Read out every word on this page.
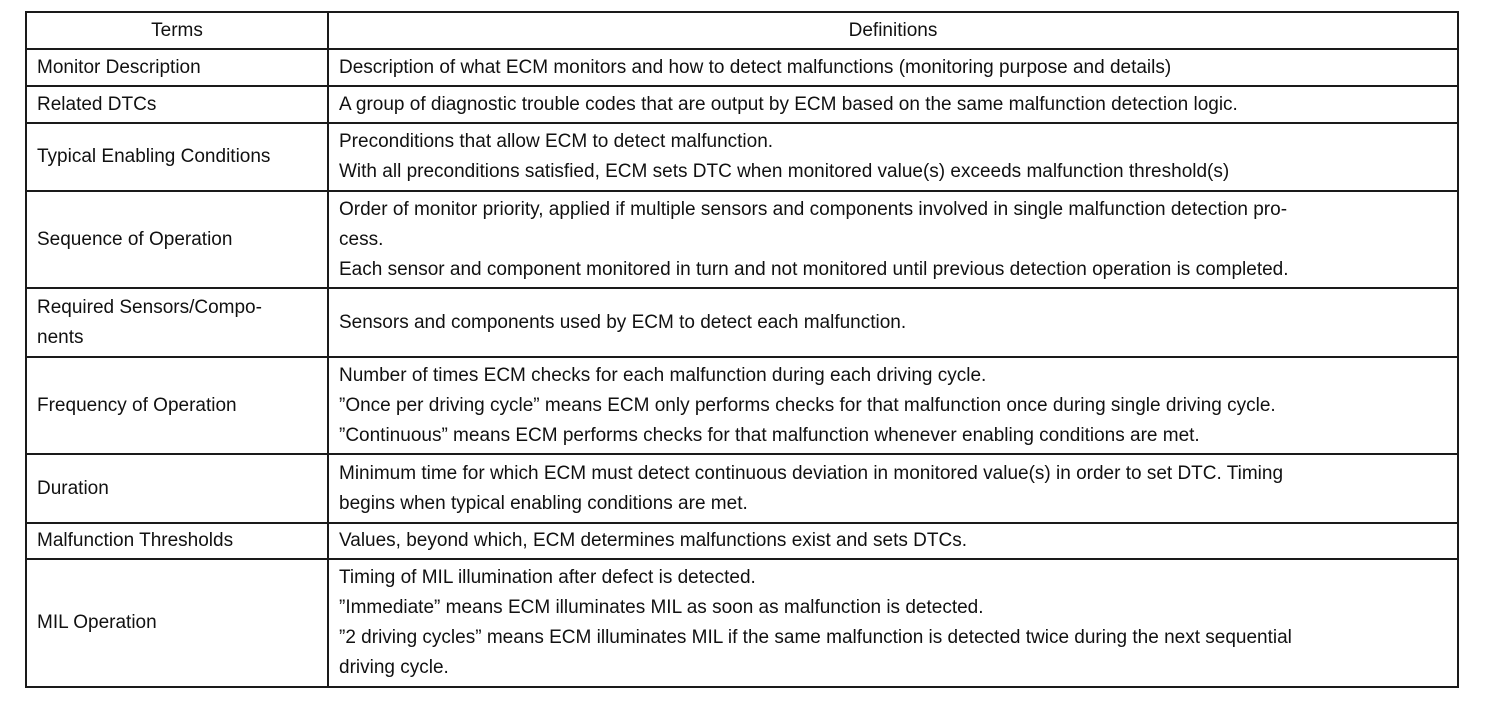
Terms	Definitions
Monitor Description	Description of what ECM monitors and how to detect malfunctions (monitoring purpose and details)

Related DTCs	A group of diagnostic trouble codes that are output by ECM based on the same malfunction detection logic.

Typical Enabling Conditions	Preconditions that allow ECM to detect malfunction.
With all preconditions satisfied, ECM sets DTC when monitored value(s) exceeds malfunction threshold(s)

Sequence of Operation	Order of monitor priority, applied if multiple sensors and components involved in single malfunction detection pro-
cess.
Each sensor and component monitored in turn and not monitored until previous detection operation is completed.

Required Sensors/Compo-
nents	Sensors and components used by ECM to detect each malfunction.

Frequency of Operation	Number of times ECM checks for each malfunction during each driving cycle.
”Once per driving cycle” means ECM only performs checks for that malfunction once during single driving cycle.
”Continuous” means ECM performs checks for that malfunction whenever enabling conditions are met.

Duration	Minimum time for which ECM must detect continuous deviation in monitored value(s) in order to set DTC. Timing
begins when typical enabling conditions are met.

Malfunction Thresholds	Values, beyond which, ECM determines malfunctions exist and sets DTCs.

MIL Operation	Timing of MIL illumination after defect is detected.
”Immediate” means ECM illuminates MIL as soon as malfunction is detected.
”2 driving cycles” means ECM illuminates MIL if the same malfunction is detected twice during the next sequential
driving cycle.
